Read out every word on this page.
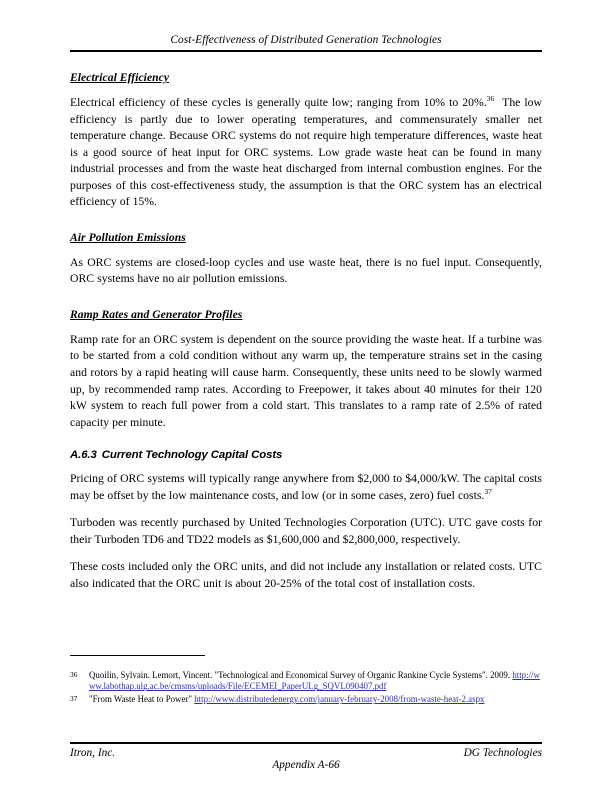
Cost-Effectiveness of Distributed Generation Technologies
Electrical Efficiency

Electrical efficiency of these cycles is generally quite low; ranging from 10% to 20%.$^{36}$ The low efficiency is partly due to lower operating temperatures, and commensurately smaller net temperature change. Because ORC systems do not require high temperature differences, waste heat is a good source of heat input for ORC systems. Low grade waste heat can be found in many industrial processes and from the waste heat discharged from internal combustion engines. For the purposes of this cost-effectiveness study, the assumption is that the ORC system has an electrical efficiency of 15%.

Air Pollution Emissions

As ORC systems are closed-loop cycles and use waste heat, there is no fuel input. Consequently, ORC systems have no air pollution emissions.

Ramp Rates and Generator Profiles

Ramp rate for an ORC system is dependent on the source providing the waste heat. If a turbine was to be started from a cold condition without any warm up, the temperature strains set in the casing and rotors by a rapid heating will cause harm. Consequently, these units need to be slowly warmed up, by recommended ramp rates. According to Freepower, it takes about 40 minutes for their 120 kW system to reach full power from a cold start. This translates to a ramp rate of 2.5% of rated capacity per minute.

A.6.3 Current Technology Capital Costs

Pricing of ORC systems will typically range anywhere from $2,000 to $4,000/kW. The capital costs may be offset by the low maintenance costs, and low (or in some cases, zero) fuel costs.$^{37}$

Turboden was recently purchased by United Technologies Corporation (UTC). UTC gave costs for their Turboden TD6 and TD22 models as $1,600,000 and $2,800,000, respectively.

These costs included only the ORC units, and did not include any installation or related costs. UTC also indicated that the ORC unit is about 20-25% of the total cost of installation costs.

36 Quoilin, Sylvain. Lemort, Vincent. "Technological and Economical Survey of Organic Rankine Cycle Systems". 2009. http://www.labothap.ulg.ac.be/cmsms/uploads/File/ECEMEI_PaperULg_SQVL090407.pdf
37 "From Waste Heat to Power" http://www.distributedenergy.com/january-february-2008/from-waste-heat-2.aspx
Itron, Inc.	DG Technologies
Appendix A-66
